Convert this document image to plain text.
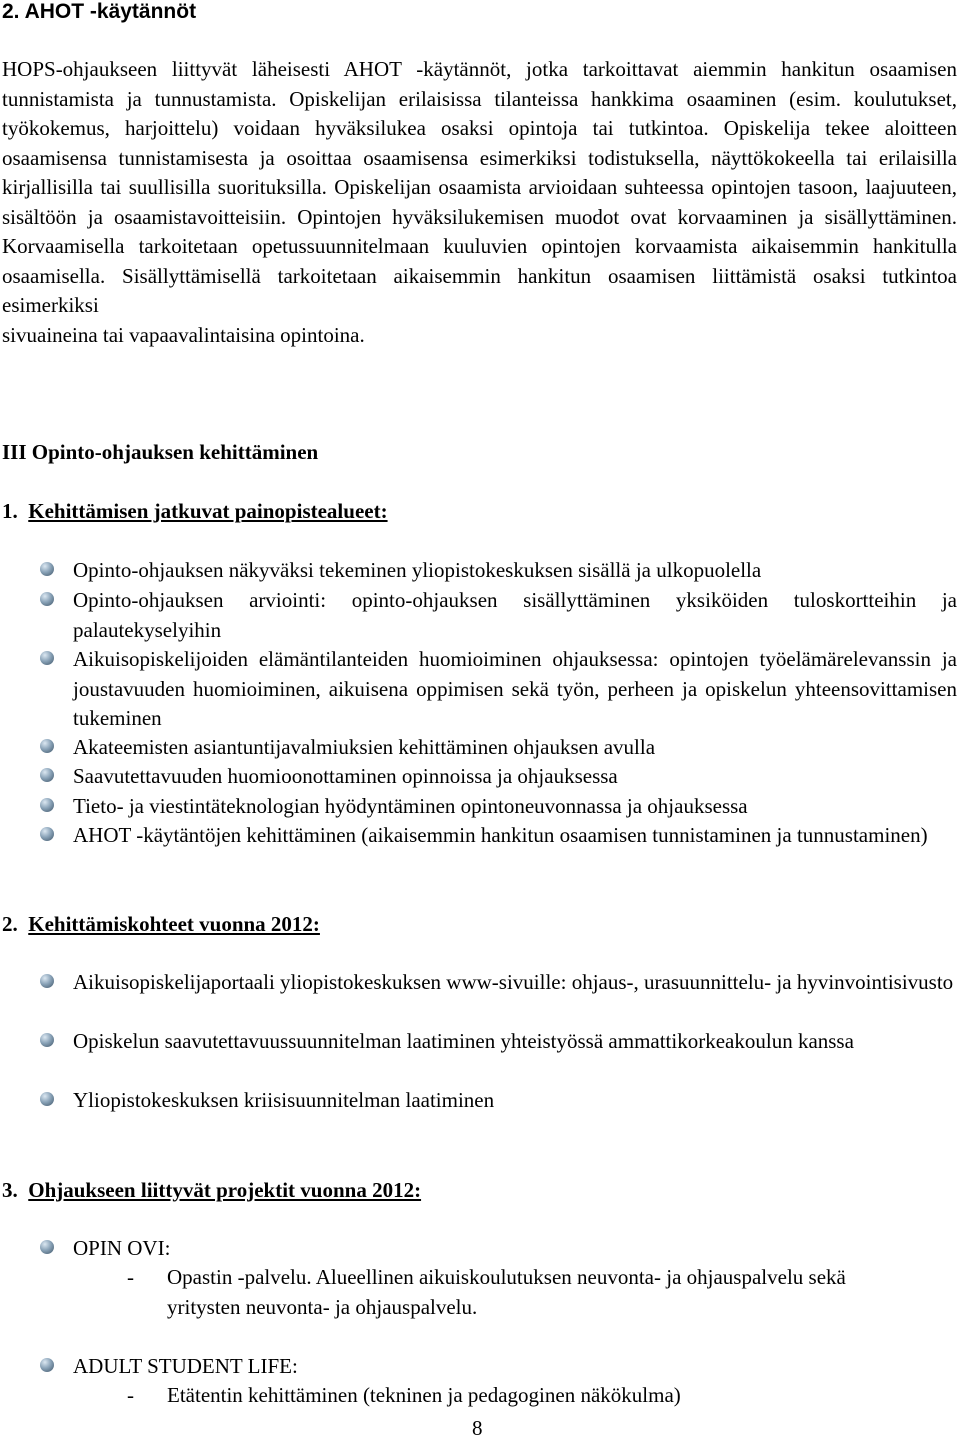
2. AHOT -käytännöt
HOPS-ohjaukseen liittyvät läheisesti AHOT -käytännöt, jotka tarkoittavat aiemmin hankitun osaamisen tunnistamista ja tunnustamista. Opiskelijan erilaisissa tilanteissa hankkima osaaminen (esim. koulutukset, työkokemus, harjoittelu) voidaan hyväksilukea osaksi opintoja tai tutkintoa. Opiskelija tekee aloitteen osaamisensa tunnistamisesta ja osoittaa osaamisensa esimerkiksi todistuksella, näyttökokeella tai erilaisilla kirjallisilla tai suullisilla suorituksilla. Opiskelijan osaamista arvioidaan suhteessa opintojen tasoon, laajuuteen, sisältöön ja osaamistavoitteisiin. Opintojen hyväksilukemisen muodot ovat korvaaminen ja sisällyttäminen. Korvaamisella tarkoitetaan opetussuunnitelmaan kuuluvien opintojen korvaamista aikaisemmin hankitulla osaamisella. Sisällyttämisellä tarkoitetaan aikaisemmin hankitun osaamisen liittämistä osaksi tutkintoa esimerkiksi
sivuaineina tai vapaavalintaisina opintoina.
III Opinto-ohjauksen kehittäminen
1. Kehittämisen jatkuvat painopistealueet:
Opinto-ohjauksen näkyväksi tekeminen yliopistokeskuksen sisällä ja ulkopuolella
Opinto-ohjauksen arviointi: opinto-ohjauksen sisällyttäminen yksiköiden tuloskortteihin ja palautekyselyihin
Aikuisopiskelijoiden elämäntilanteiden huomioiminen ohjauksessa: opintojen työelämärelevanssin ja joustavuuden huomioiminen, aikuisena oppimisen sekä työn, perheen ja opiskelun yhteensovittamisen tukeminen
Akateemisten asiantuntijavalmiuksien kehittäminen ohjauksen avulla
Saavutettavuuden huomioonottaminen opinnoissa ja ohjauksessa
Tieto- ja viestintäteknologian hyödyntäminen opintoneuvonnassa ja ohjauksessa
AHOT -käytäntöjen kehittäminen (aikaisemmin hankitun osaamisen tunnistaminen ja tunnustaminen)
2. Kehittämiskohteet vuonna 2012:
Aikuisopiskelijaportaali yliopistokeskuksen www-sivuille: ohjaus-, urasuunnittelu- ja hyvinvointisivusto
Opiskelun saavutettavuussuunnitelman laatiminen yhteistyössä ammattikorkeakoulun kanssa
Yliopistokeskuksen kriisisuunnitelman laatiminen
3. Ohjaukseen liittyvät projektit vuonna 2012:
OPIN OVI:
- Opastin -palvelu. Alueellinen aikuiskoulutuksen neuvonta- ja ohjauspalvelu sekä yritysten neuvonta- ja ohjauspalvelu.
ADULT STUDENT LIFE:
- Etätentin kehittäminen (tekninen ja pedagoginen näkökulma)
8
